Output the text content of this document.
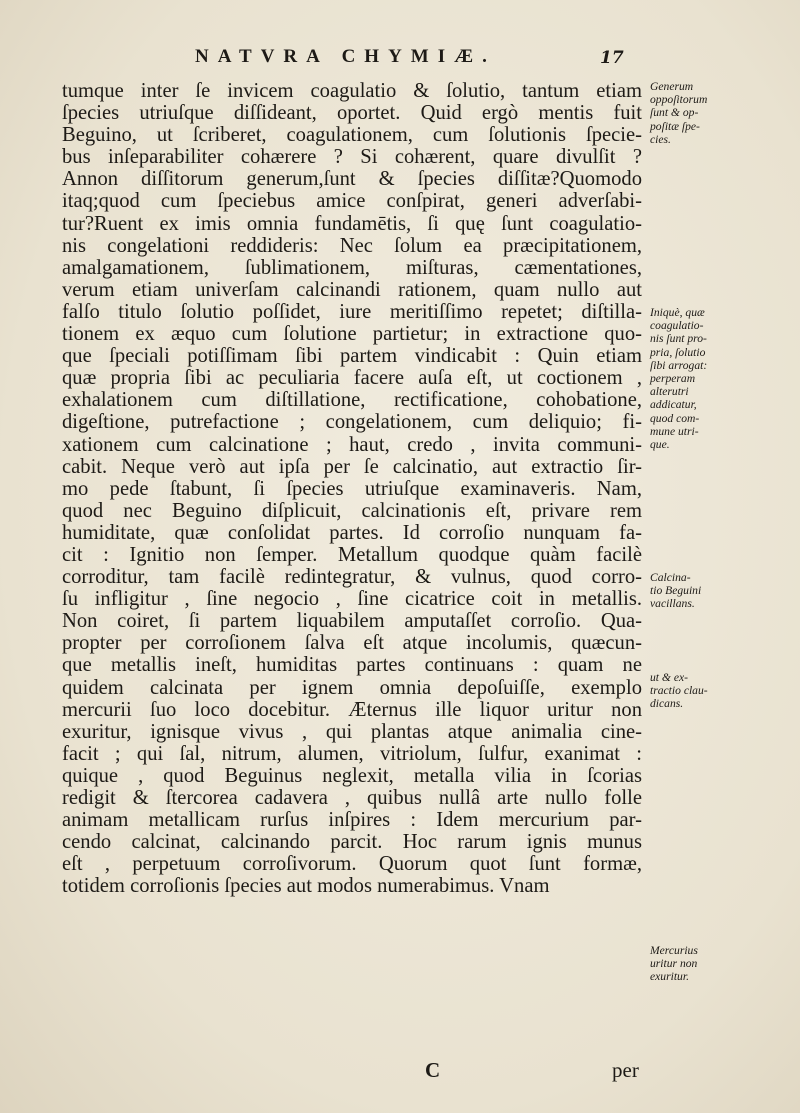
NATVRA CHYMIÆ.	17
tumque inter ſe invicem coagulatio & ſolutio, tantum etiam
ſpecies utriuſque diſſideant, oportet. Quid ergò mentis fuit
Beguino, ut ſcriberet, coagulationem, cum ſolutionis ſpecie-
bus inſeparabiliter cohærere ? Si cohærent, quare divulſit ?
Annon diſſitorum generum,ſunt & ſpecies diſſitæ?Quomodo
itaq;quod cum ſpeciebus amice conſpirat, generi adverſabi-
tur?Ruent ex imis omnia fundamētis, ſi quę ſunt coagulatio-
nis congelationi reddideris: Nec ſolum ea præcipitationem,
amalgamationem, ſublimationem, miſturas, cæmentationes,
verum etiam univerſam calcinandi rationem, quam nullo aut
falſo titulo ſolutio poſſidet, iure meritiſſimo repetet; diſtilla-
tionem ex æquo cum ſolutione partietur; in extractione quo-
que ſpeciali potiſſimam ſibi partem vindicabit : Quin etiam
quæ propria ſibi ac peculiaria facere auſa eſt, ut coctionem ,
exhalationem cum diſtillatione, rectificatione, cohobatione,
digeſtione, putrefactione ; congelationem, cum deliquio; fi-
xationem cum calcinatione ; haut, credo , invita communi-
cabit. Neque verò aut ipſa per ſe calcinatio, aut extractio ſir-
mo pede ſtabunt, ſi ſpecies utriuſque examinaveris. Nam,
quod nec Beguino diſplicuit, calcinationis eſt, privare rem
humiditate, quæ conſolidat partes. Id corroſio nunquam fa-
cit : Ignitio non ſemper. Metallum quodque quàm facilè
corroditur, tam facilè redintegratur, & vulnus, quod corro-
ſu infligitur , ſine negocio , ſine cicatrice coit in metallis.
Non coiret, ſi partem liquabilem amputaſſet corroſio. Qua-
propter per corroſionem ſalva eſt atque incolumis, quæcun-
que metallis ineſt, humiditas partes continuans : quam ne
quidem calcinata per ignem omnia depoſuiſſe, exemplo
mercurii ſuo loco docebitur. Æternus ille liquor uritur non
exuritur, ignisque vivus , qui plantas atque animalia cine-
facit ; qui ſal, nitrum, alumen, vitriolum, ſulfur, exanimat :
quique , quod Beguinus neglexit, metalla vilia in ſcorias
redigit & ſtercorea cadavera , quibus nullâ arte nullo folle
animam metallicam rurſus inſpires : Idem mercurium par-
cendo calcinat, calcinando parcit. Hoc rarum ignis munus
eſt , perpetuum corroſivorum. Quorum quot ſunt formæ,
totidem corroſionis ſpecies aut modos numerabimus. Vnam
Generum
oppoſitorum
ſunt & op-
poſitæ ſpe-
cies.
Iniquè, quæ
coagulatio-
nis ſunt pro-
pria, ſolutio
ſibi arrogat:
perperam
alterutri
addicatur,
quod com-
mune utri-
que.
Calcina-
tio Beguini
vacillans.
ut & ex-
tractio clau-
dicans.
Mercurius
uritur non
exuritur.
C	per
